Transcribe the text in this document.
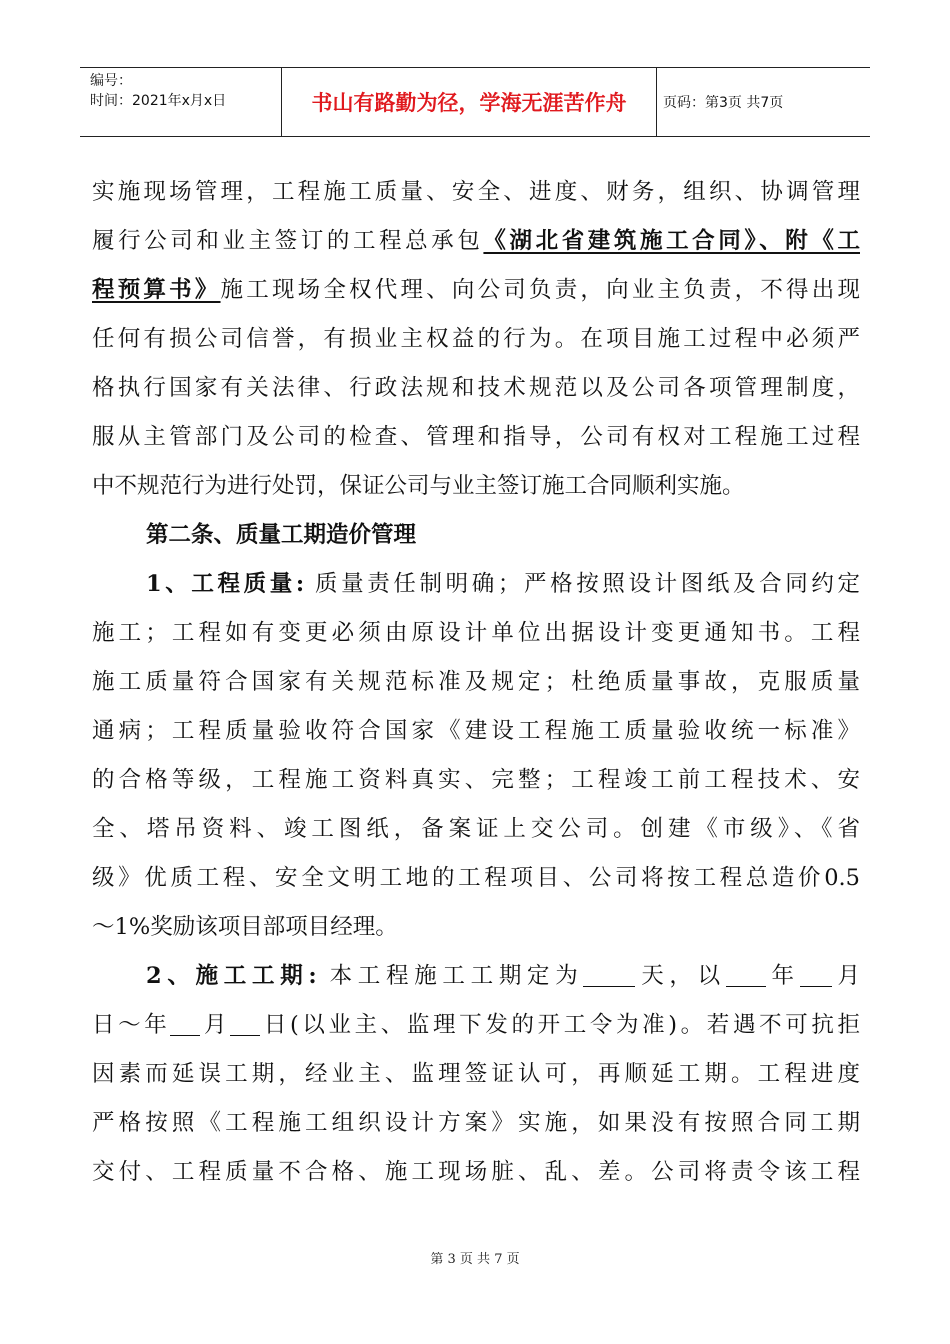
编号：
时间：2021年x月x日	书山有路勤为径，学海无涯苦作舟	页码：第3页 共7页
实施现场管理，工程施工质量、安全、进度、财务，组织、协调管理
履行公司和业主签订的工程总承包《湖北省建筑施工合同》、附《工
程预算书》施工现场全权代理、向公司负责，向业主负责，不得出现
任何有损公司信誉，有损业主权益的行为。在项目施工过程中必须严
格执行国家有关法律、行政法规和技术规范以及公司各项管理制度，
服从主管部门及公司的检查、管理和指导，公司有权对工程施工过程
中不规范行为进行处罚，保证公司与业主签订施工合同顺利实施。
第二条、质量工期造价管理
1、工程质量: 质量责任制明确；严格按照设计图纸及合同约定
施工；工程如有变更必须由原设计单位出据设计变更通知书。工程
施工质量符合国家有关规范标准及规定；杜绝质量事故，克服质量
通病；工程质量验收符合国家《建设工程施工质量验收统一标准》
的合格等级，工程施工资料真实、完整；工程竣工前工程技术、安
全、塔吊资料、竣工图纸，备案证上交公司。创建《市级》、《省
级》优质工程、安全文明工地的工程项目、公司将按工程总造价0.5
～1%奖励该项目部项目经理。
2、施工工期: 本工程施工工期定为 天，以 年 月
日～年 月 日(以业主、监理下发的开工令为准)。若遇不可抗拒
因素而延误工期，经业主、监理签证认可，再顺延工期。工程进度
严格按照《工程施工组织设计方案》实施，如果没有按照合同工期
交付、工程质量不合格、施工现场脏、乱、差。公司将责令该工程
第 3 页 共 7 页
